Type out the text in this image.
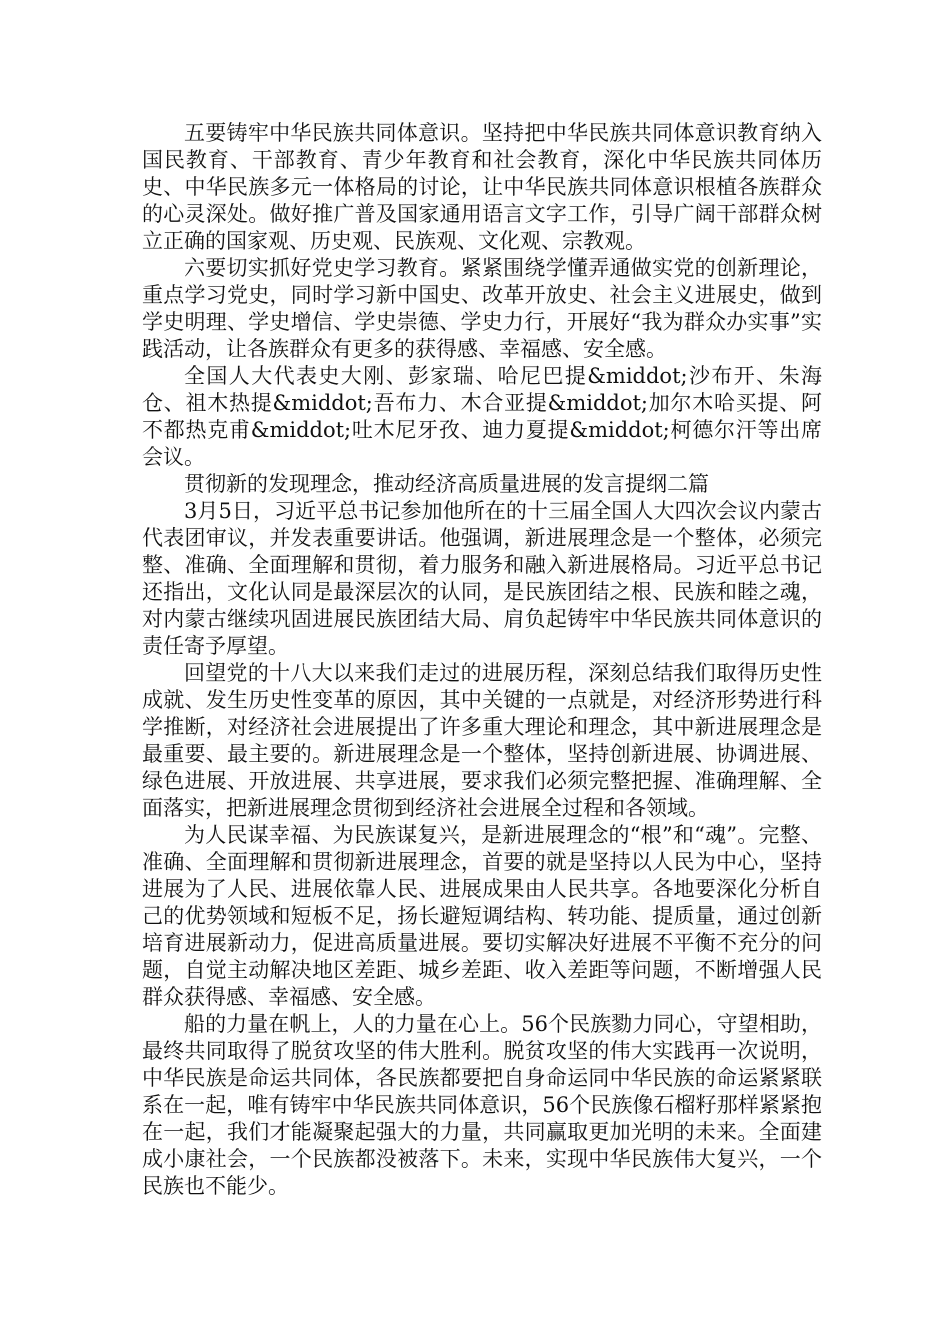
五要铸牢中华民族共同体意识。坚持把中华民族共同体意识教育纳入国民教育、干部教育、青少年教育和社会教育，深化中华民族共同体历史、中华民族多元一体格局的讨论，让中华民族共同体意识根植各族群众的心灵深处。做好推广普及国家通用语言文字工作，引导广阔干部群众树立正确的国家观、历史观、民族观、文化观、宗教观。

六要切实抓好党史学习教育。紧紧围绕学懂弄通做实党的创新理论，重点学习党史，同时学习新中国史、改革开放史、社会主义进展史，做到学史明理、学史增信、学史崇德、学史力行，开展好“我为群众办实事”实践活动，让各族群众有更多的获得感、幸福感、安全感。

全国人大代表史大刚、彭家瑞、哈尼巴提&middot;沙布开、朱海仓、祖木热提&middot;吾布力、木合亚提&middot;加尔木哈买提、阿不都热克甫&middot;吐木尼牙孜、迪力夏提&middot;柯德尔汗等出席会议。

贯彻新的发现理念，推动经济高质量进展的发言提纲二篇

3月5日，习近平总书记参加他所在的十三届全国人大四次会议内蒙古代表团审议，并发表重要讲话。他强调，新进展理念是一个整体，必须完整、准确、全面理解和贯彻，着力服务和融入新进展格局。习近平总书记还指出，文化认同是最深层次的认同，是民族团结之根、民族和睦之魂，对内蒙古继续巩固进展民族团结大局、肩负起铸牢中华民族共同体意识的责任寄予厚望。

回望党的十八大以来我们走过的进展历程，深刻总结我们取得历史性成就、发生历史性变革的原因，其中关键的一点就是，对经济形势进行科学推断，对经济社会进展提出了许多重大理论和理念，其中新进展理念是最重要、最主要的。新进展理念是一个整体，坚持创新进展、协调进展、绿色进展、开放进展、共享进展，要求我们必须完整把握、准确理解、全面落实，把新进展理念贯彻到经济社会进展全过程和各领域。

为人民谋幸福、为民族谋复兴，是新进展理念的“根”和“魂”。完整、准确、全面理解和贯彻新进展理念，首要的就是坚持以人民为中心，坚持进展为了人民、进展依靠人民、进展成果由人民共享。各地要深化分析自己的优势领域和短板不足，扬长避短调结构、转功能、提质量，通过创新培育进展新动力，促进高质量进展。要切实解决好进展不平衡不充分的问题，自觉主动解决地区差距、城乡差距、收入差距等问题，不断增强人民群众获得感、幸福感、安全感。

船的力量在帆上，人的力量在心上。56个民族勠力同心，守望相助，最终共同取得了脱贫攻坚的伟大胜利。脱贫攻坚的伟大实践再一次说明，中华民族是命运共同体，各民族都要把自身命运同中华民族的命运紧紧联系在一起，唯有铸牢中华民族共同体意识，56个民族像石榴籽那样紧紧抱在一起，我们才能凝聚起强大的力量，共同赢取更加光明的未来。全面建成小康社会，一个民族都没被落下。未来，实现中华民族伟大复兴，一个民族也不能少。
